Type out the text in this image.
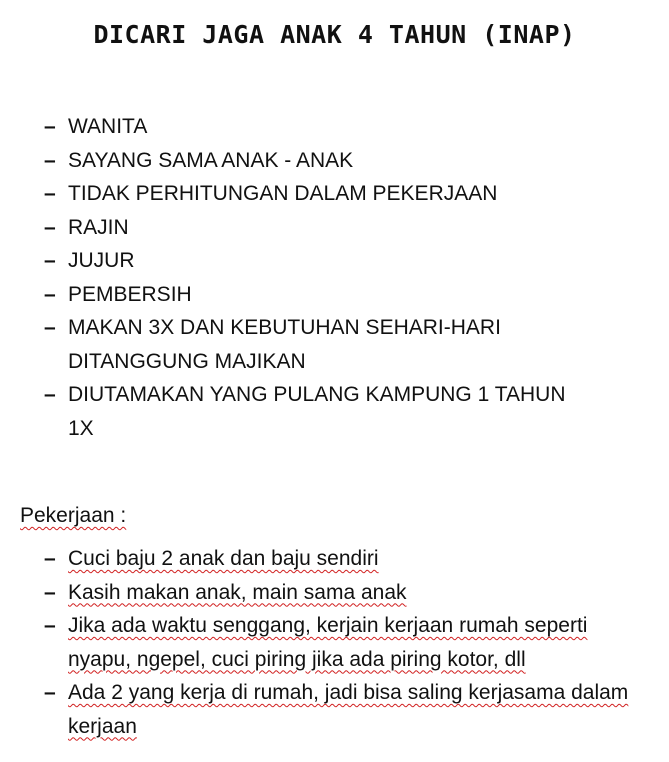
DICARI JAGA ANAK 4 TAHUN (INAP)
– WANITA
– SAYANG SAMA ANAK - ANAK
– TIDAK PERHITUNGAN DALAM PEKERJAAN
– RAJIN
– JUJUR
– PEMBERSIH
– MAKAN 3X DAN KEBUTUHAN SEHARI-HARI DITANGGUNG MAJIKAN
– DIUTAMAKAN YANG PULANG KAMPUNG 1 TAHUN 1X

Pekerjaan :

– Cuci baju 2 anak dan baju sendiri
– Kasih makan anak, main sama anak
– Jika ada waktu senggang, kerjain kerjaan rumah seperti nyapu, ngepel, cuci piring jika ada piring kotor, dll
– Ada 2 yang kerja di rumah, jadi bisa saling kerjasama dalam kerjaan
